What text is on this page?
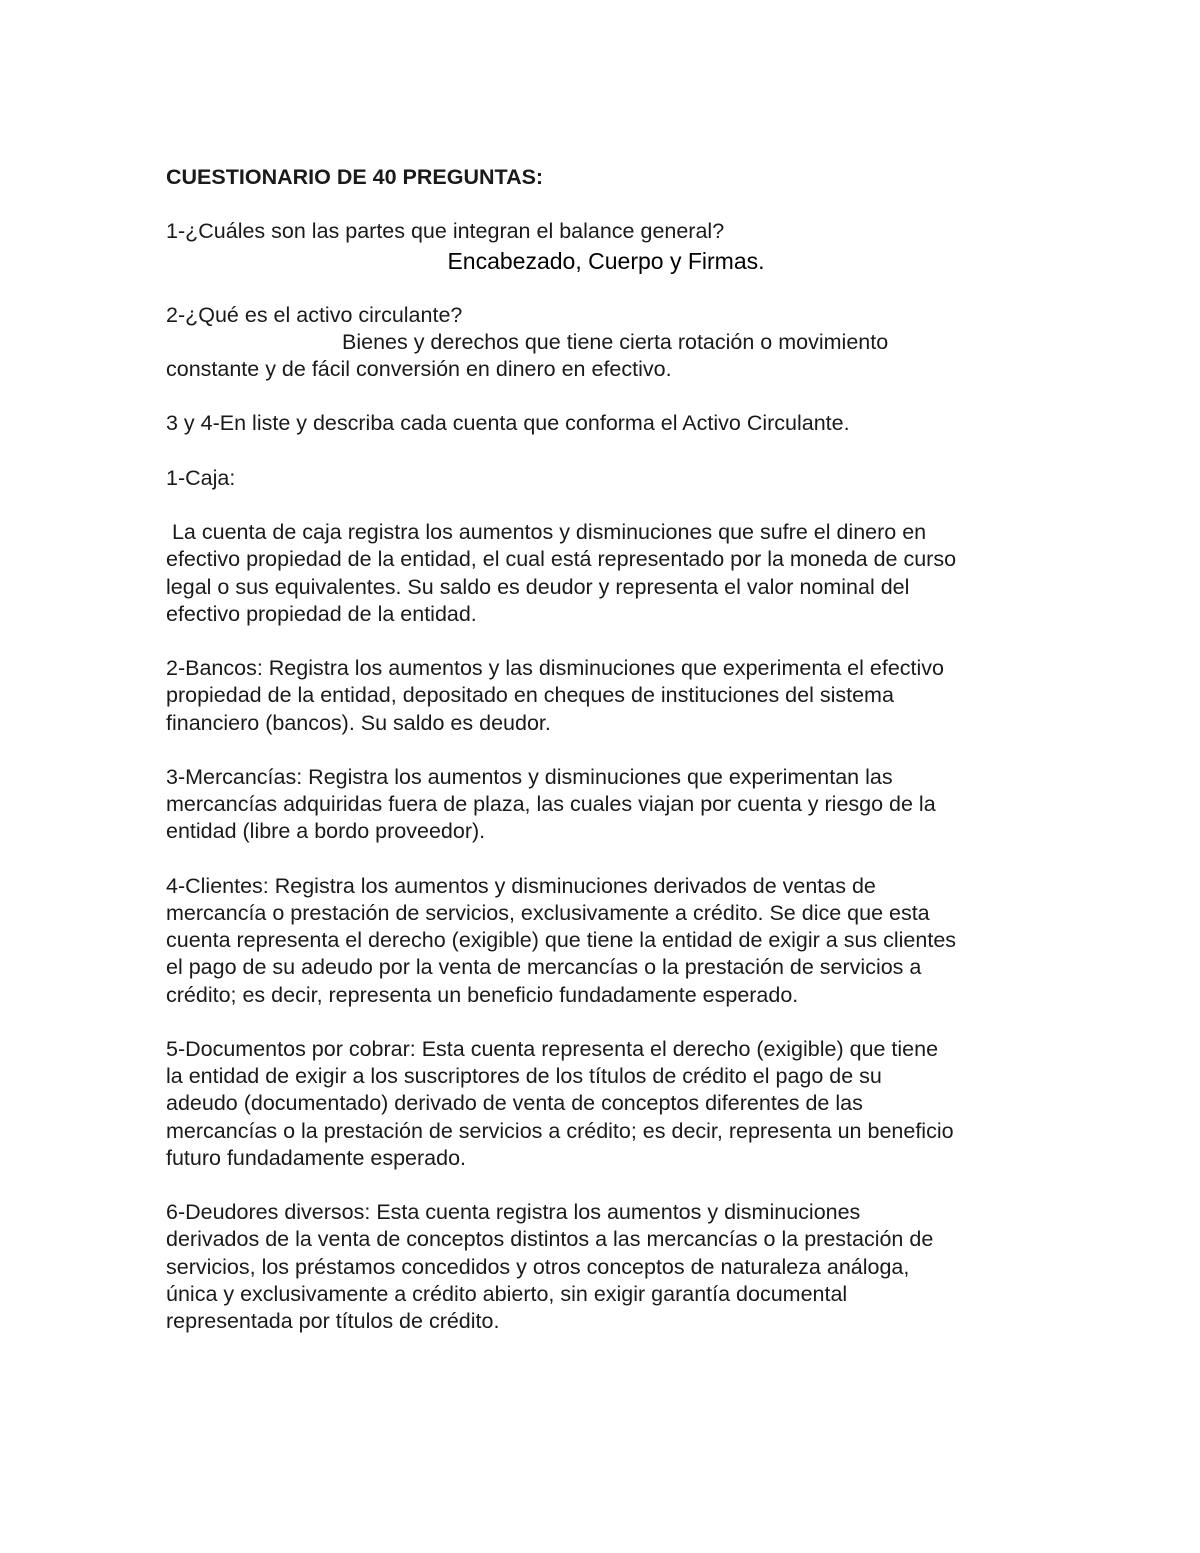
CUESTIONARIO DE 40 PREGUNTAS:
1-¿Cuáles son las partes que integran el balance general?
Encabezado, Cuerpo y Firmas.
2-¿Qué es el activo circulante?
Bienes y derechos que tiene cierta rotación o movimiento
constante y de fácil conversión en dinero en efectivo.
3 y 4-En liste y describa cada cuenta que conforma el Activo Circulante.
1-Caja:
La cuenta de caja registra los aumentos y disminuciones que sufre el dinero en
efectivo propiedad de la entidad, el cual está representado por la moneda de curso
legal o sus equivalentes. Su saldo es deudor y representa el valor nominal del
efectivo propiedad de la entidad.
2-Bancos: Registra los aumentos y las disminuciones que experimenta el efectivo
propiedad de la entidad, depositado en cheques de instituciones del sistema
financiero (bancos). Su saldo es deudor.
3-Mercancías: Registra los aumentos y disminuciones que experimentan las
mercancías adquiridas fuera de plaza, las cuales viajan por cuenta y riesgo de la
entidad (libre a bordo proveedor).
4-Clientes: Registra los aumentos y disminuciones derivados de ventas de
mercancía o prestación de servicios, exclusivamente a crédito. Se dice que esta
cuenta representa el derecho (exigible) que tiene la entidad de exigir a sus clientes
el pago de su adeudo por la venta de mercancías o la prestación de servicios a
crédito; es decir, representa un beneficio fundadamente esperado.
5-Documentos por cobrar: Esta cuenta representa el derecho (exigible) que tiene
la entidad de exigir a los suscriptores de los títulos de crédito el pago de su
adeudo (documentado) derivado de venta de conceptos diferentes de las
mercancías o la prestación de servicios a crédito; es decir, representa un beneficio
futuro fundadamente esperado.
6-Deudores diversos: Esta cuenta registra los aumentos y disminuciones
derivados de la venta de conceptos distintos a las mercancías o la prestación de
servicios, los préstamos concedidos y otros conceptos de naturaleza análoga,
única y exclusivamente a crédito abierto, sin exigir garantía documental
representada por títulos de crédito.
